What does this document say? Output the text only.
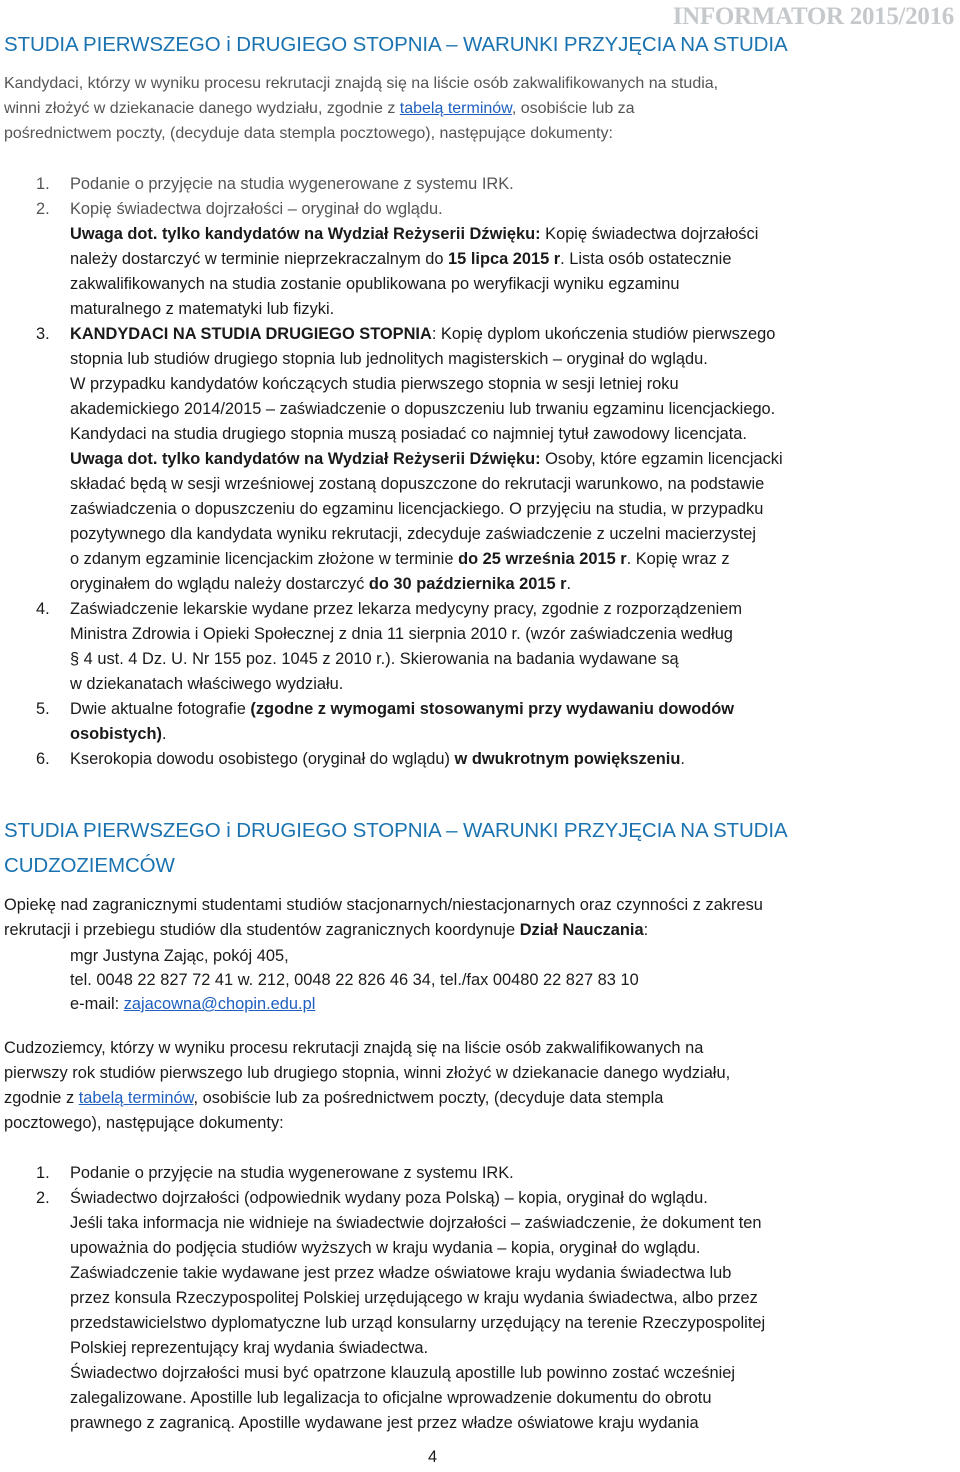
INFORMATOR 2015/2016
STUDIA PIERWSZEGO i DRUGIEGO STOPNIA – WARUNKI PRZYJĘCIA NA STUDIA
Kandydaci, którzy w wyniku procesu rekrutacji znajdą się na liście osób zakwalifikowanych na studia,
winni złożyć w dziekanacie danego wydziału, zgodnie z tabelą terminów, osobiście lub za
pośrednictwem poczty, (decyduje data stempla pocztowego), następujące dokumenty:
1. Podanie o przyjęcie na studia wygenerowane z systemu IRK.
2. Kopię świadectwa dojrzałości – oryginał do wglądu.
Uwaga dot. tylko kandydatów na Wydział Reżyserii Dźwięku: Kopię świadectwa dojrzałości
należy dostarczyć w terminie nieprzekraczalnym do 15 lipca 2015 r. Lista osób ostatecznie
zakwalifikowanych na studia zostanie opublikowana po weryfikacji wyniku egzaminu
maturalnego z matematyki lub fizyki.
3. KANDYDACI NA STUDIA DRUGIEGO STOPNIA: Kopię dyplom ukończenia studiów pierwszego
stopnia lub studiów drugiego stopnia lub jednolitych magisterskich – oryginał do wglądu.
W przypadku kandydatów kończących studia pierwszego stopnia w sesji letniej roku
akademickiego 2014/2015 – zaświadczenie o dopuszczeniu lub trwaniu egzaminu licencjackiego.
Kandydaci na studia drugiego stopnia muszą posiadać co najmniej tytuł zawodowy licencjata.
Uwaga dot. tylko kandydatów na Wydział Reżyserii Dźwięku: Osoby, które egzamin licencjacki
składać będą w sesji wrześniowej zostaną dopuszczone do rekrutacji warunkowo, na podstawie
zaświadczenia o dopuszczeniu do egzaminu licencjackiego. O przyjęciu na studia, w przypadku
pozytywnego dla kandydata wyniku rekrutacji, zdecyduje zaświadczenie z uczelni macierzystej
o zdanym egzaminie licencjackim złożone w terminie do 25 września 2015 r. Kopię wraz z
oryginałem do wglądu należy dostarczyć do 30 października 2015 r.
4. Zaświadczenie lekarskie wydane przez lekarza medycyny pracy, zgodnie z rozporządzeniem
Ministra Zdrowia i Opieki Społecznej z dnia 11 sierpnia 2010 r. (wzór zaświadczenia według
§ 4 ust. 4 Dz. U. Nr 155 poz. 1045 z 2010 r.). Skierowania na badania wydawane są
w dziekanatach właściwego wydziału.
5. Dwie aktualne fotografie (zgodne z wymogami stosowanymi przy wydawaniu dowodów
osobistych).
6. Kserokopia dowodu osobistego (oryginał do wglądu) w dwukrotnym powiększeniu.
STUDIA PIERWSZEGO i DRUGIEGO STOPNIA – WARUNKI PRZYJĘCIA NA STUDIA
CUDZOZIEMCÓW
Opiekę nad zagranicznymi studentami studiów stacjonarnych/niestacjonarnych oraz czynności z zakresu
rekrutacji i przebiegu studiów dla studentów zagranicznych koordynuje Dział Nauczania:
mgr Justyna Zając, pokój 405,
tel. 0048 22 827 72 41 w. 212, 0048 22 826 46 34, tel./fax 00480 22 827 83 10
e-mail: zajacowna@chopin.edu.pl
Cudzoziemcy, którzy w wyniku procesu rekrutacji znajdą się na liście osób zakwalifikowanych na
pierwszy rok studiów pierwszego lub drugiego stopnia, winni złożyć w dziekanacie danego wydziału,
zgodnie z tabelą terminów, osobiście lub za pośrednictwem poczty, (decyduje data stempla
pocztowego), następujące dokumenty:
1. Podanie o przyjęcie na studia wygenerowane z systemu IRK.
2. Świadectwo dojrzałości (odpowiednik wydany poza Polską) – kopia, oryginał do wglądu.
Jeśli taka informacja nie widnieje na świadectwie dojrzałości – zaświadczenie, że dokument ten
upoważnia do podjęcia studiów wyższych w kraju wydania – kopia, oryginał do wglądu.
Zaświadczenie takie wydawane jest przez władze oświatowe kraju wydania świadectwa lub
przez konsula Rzeczypospolitej Polskiej urzędującego w kraju wydania świadectwa, albo przez
przedstawicielstwo dyplomatyczne lub urząd konsularny urzędujący na terenie Rzeczypospolitej
Polskiej reprezentujący kraj wydania świadectwa.
Świadectwo dojrzałości musi być opatrzone klauzulą apostille lub powinno zostać wcześniej
zalegalizowane. Apostille lub legalizacja to oficjalne wprowadzenie dokumentu do obrotu
prawnego z zagranicą. Apostille wydawane jest przez władze oświatowe kraju wydania
4
